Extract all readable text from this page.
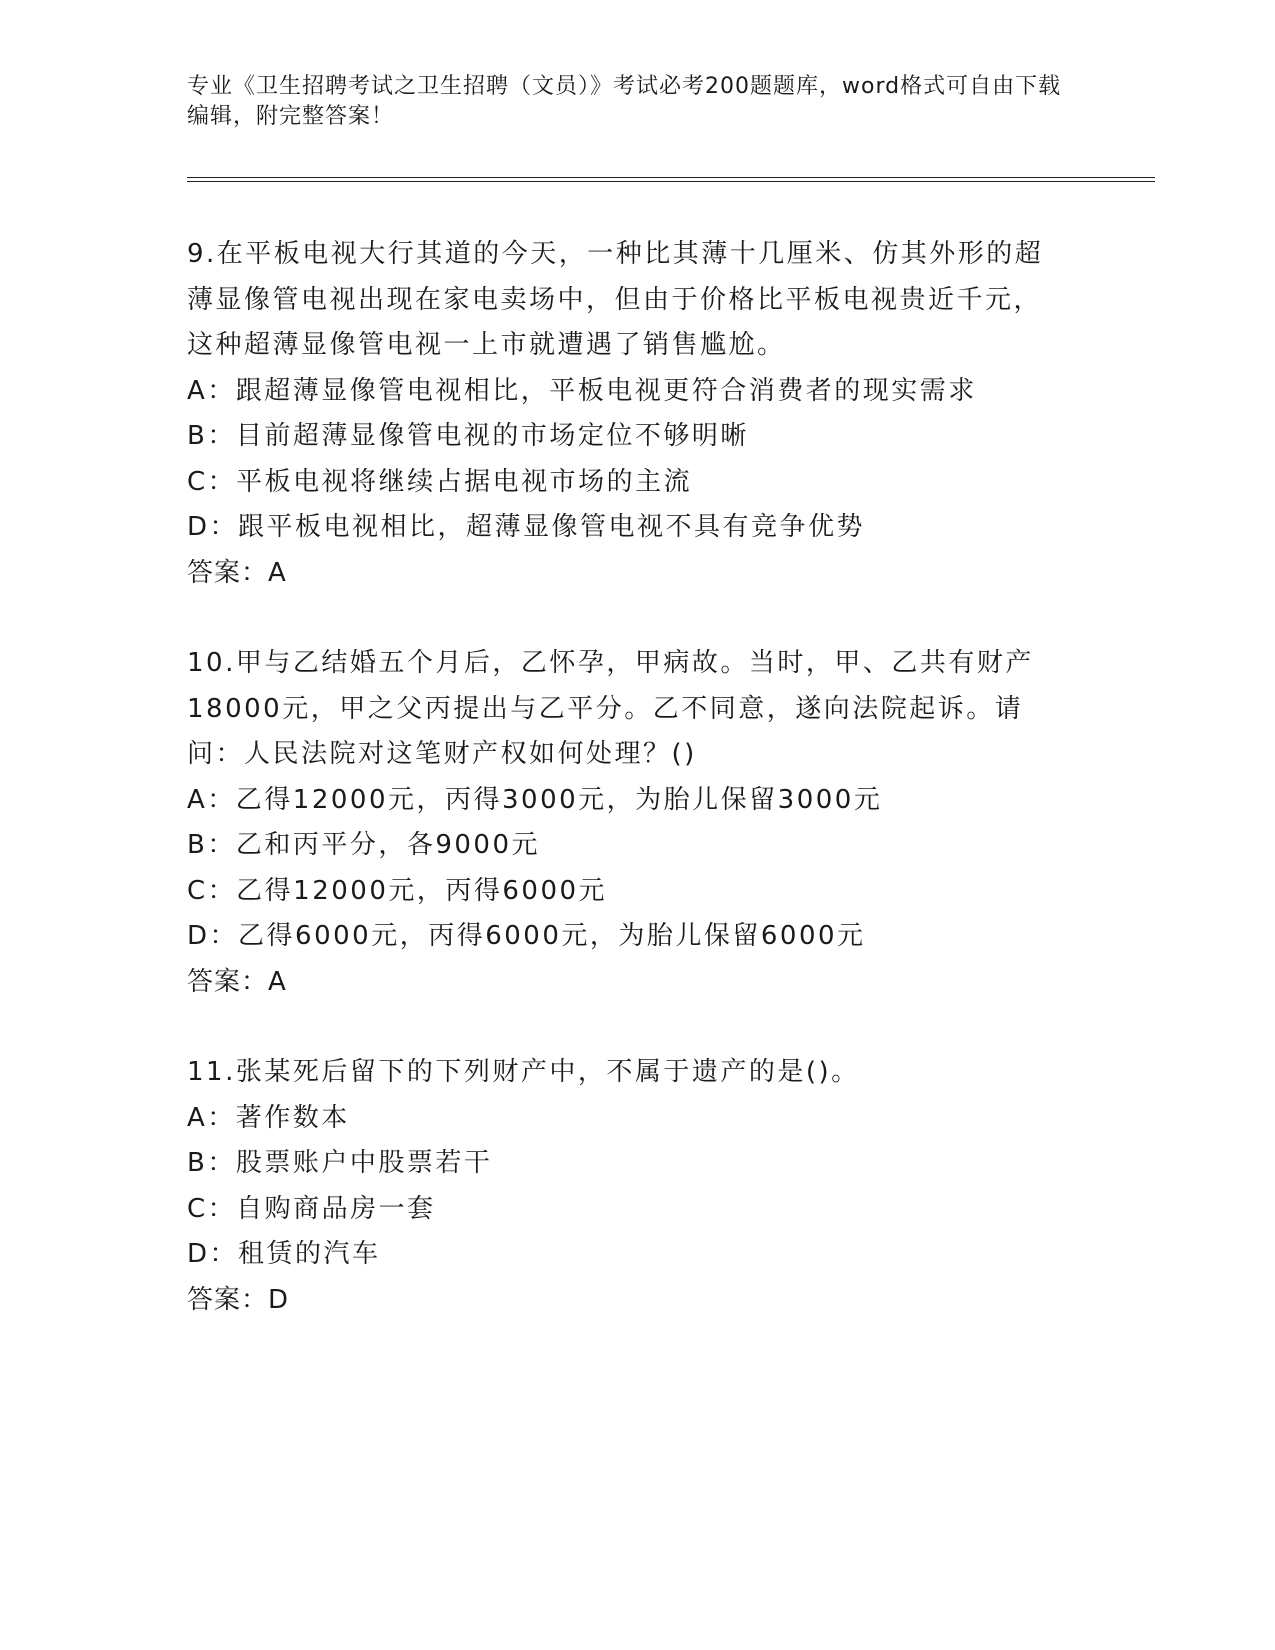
专业《卫生招聘考试之卫生招聘（文员）》考试必考200题题库，word格式可自由下载编辑，附完整答案！
9.在平板电视大行其道的今天，一种比其薄十几厘米、仿其外形的超薄显像管电视出现在家电卖场中，但由于价格比平板电视贵近千元，这种超薄显像管电视一上市就遭遇了销售尴尬。
A：跟超薄显像管电视相比，平板电视更符合消费者的现实需求
B：目前超薄显像管电视的市场定位不够明晰
C：平板电视将继续占据电视市场的主流
D：跟平板电视相比，超薄显像管电视不具有竞争优势
答案：A
10.甲与乙结婚五个月后，乙怀孕，甲病故。当时，甲、乙共有财产18000元，甲之父丙提出与乙平分。乙不同意，遂向法院起诉。请问：人民法院对这笔财产权如何处理？()
A：乙得12000元，丙得3000元，为胎儿保留3000元
B：乙和丙平分，各9000元
C：乙得12000元，丙得6000元
D：乙得6000元，丙得6000元，为胎儿保留6000元
答案：A
11.张某死后留下的下列财产中，不属于遗产的是()。
A：著作数本
B：股票账户中股票若干
C：自购商品房一套
D：租赁的汽车
答案：D
